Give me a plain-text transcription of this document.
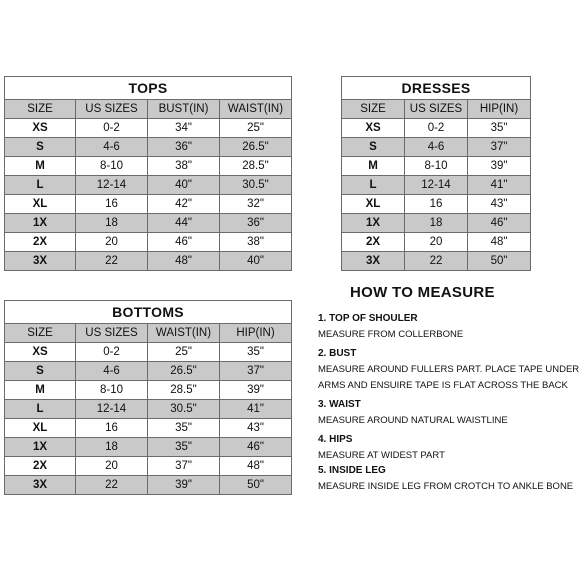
TOPS			
SIZE	US SIZES	BUST(IN)	WAIST(IN)
XS	0-2	34"	25"
S	4-6	36"	26.5"
M	8-10	38"	28.5"
L	12-14	40"	30.5"
XL	16	42"	32"
1X	18	44"	36"
2X	20	46"	38"
3X	22	48"	40"
DRESSES		
SIZE	US SIZES	HIP(IN)
XS	0-2	35"
S	4-6	37"
M	8-10	39"
L	12-14	41"
XL	16	43"
1X	18	46"
2X	20	48"
3X	22	50"
BOTTOMS			
SIZE	US SIZES	WAIST(IN)	HIP(IN)
XS	0-2	25"	35"
S	4-6	26.5"	37"
M	8-10	28.5"	39"
L	12-14	30.5"	41"
XL	16	35"	43"
1X	18	35"	46"
2X	20	37"	48"
3X	22	39"	50"
HOW TO MEASURE
1. TOP OF SHOULER
MEASURE FROM COLLERBONE
2. BUST
MEASURE AROUND FULLERS PART. PLACE TAPE UNDER
ARMS AND ENSUIRE TAPE IS FLAT ACROSS THE BACK
3. WAIST
MEASURE AROUND NATURAL WAISTLINE
4. HIPS
MEASURE AT WIDEST PART
5. INSIDE LEG
MEASURE INSIDE LEG FROM CROTCH TO ANKLE BONE
